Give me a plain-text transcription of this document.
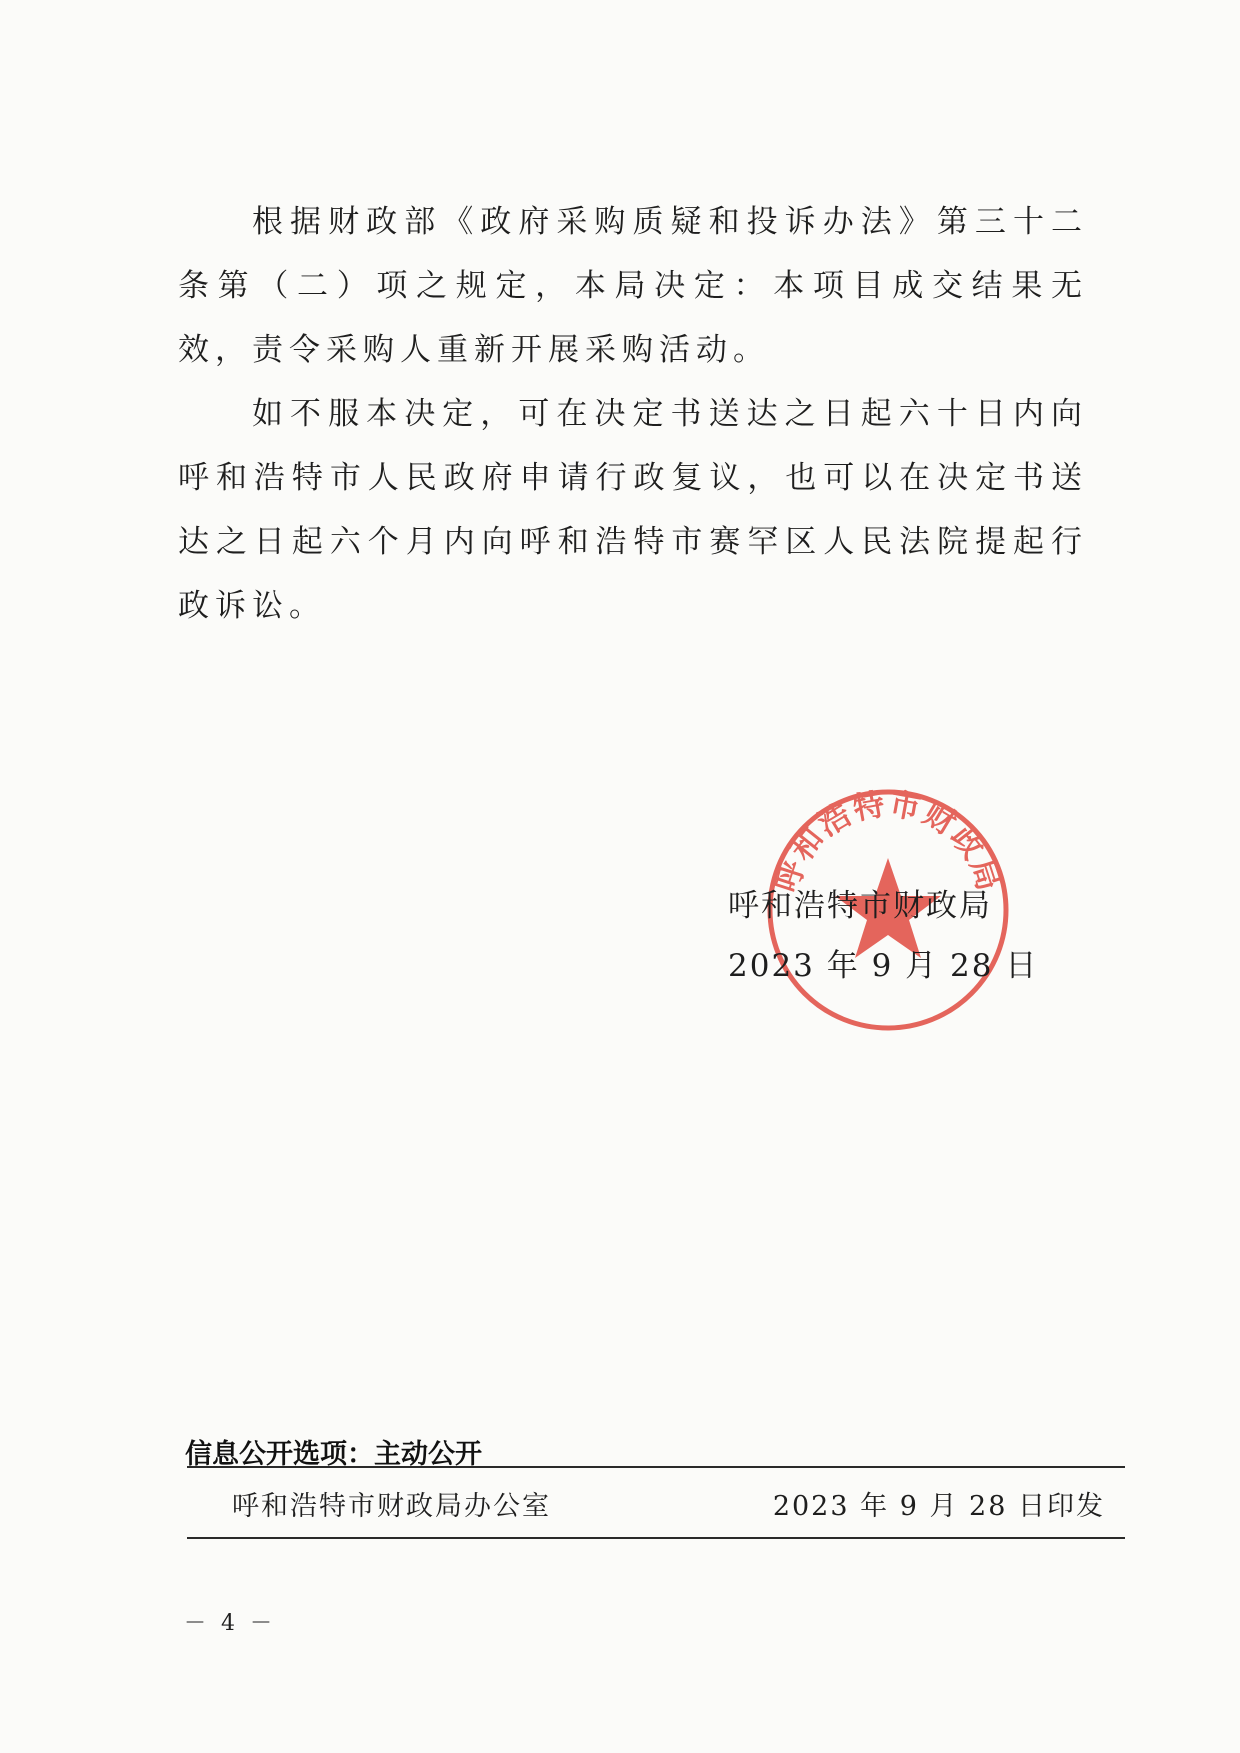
根据财政部《政府采购质疑和投诉办法》第三十二条第（二）项之规定，本局决定：本项目成交结果无效，责令采购人重新开展采购活动。

如不服本决定，可在决定书送达之日起六十日内向呼和浩特市人民政府申请行政复议，也可以在决定书送达之日起六个月内向呼和浩特市赛罕区人民法院提起行政诉讼。

呼和浩特市财政局
呼和浩特市财政局
2023 年 9 月 28 日
信息公开选项：主动公开
呼和浩特市财政局办公室	2023 年 9 月 28 日印发
－ 4 －
